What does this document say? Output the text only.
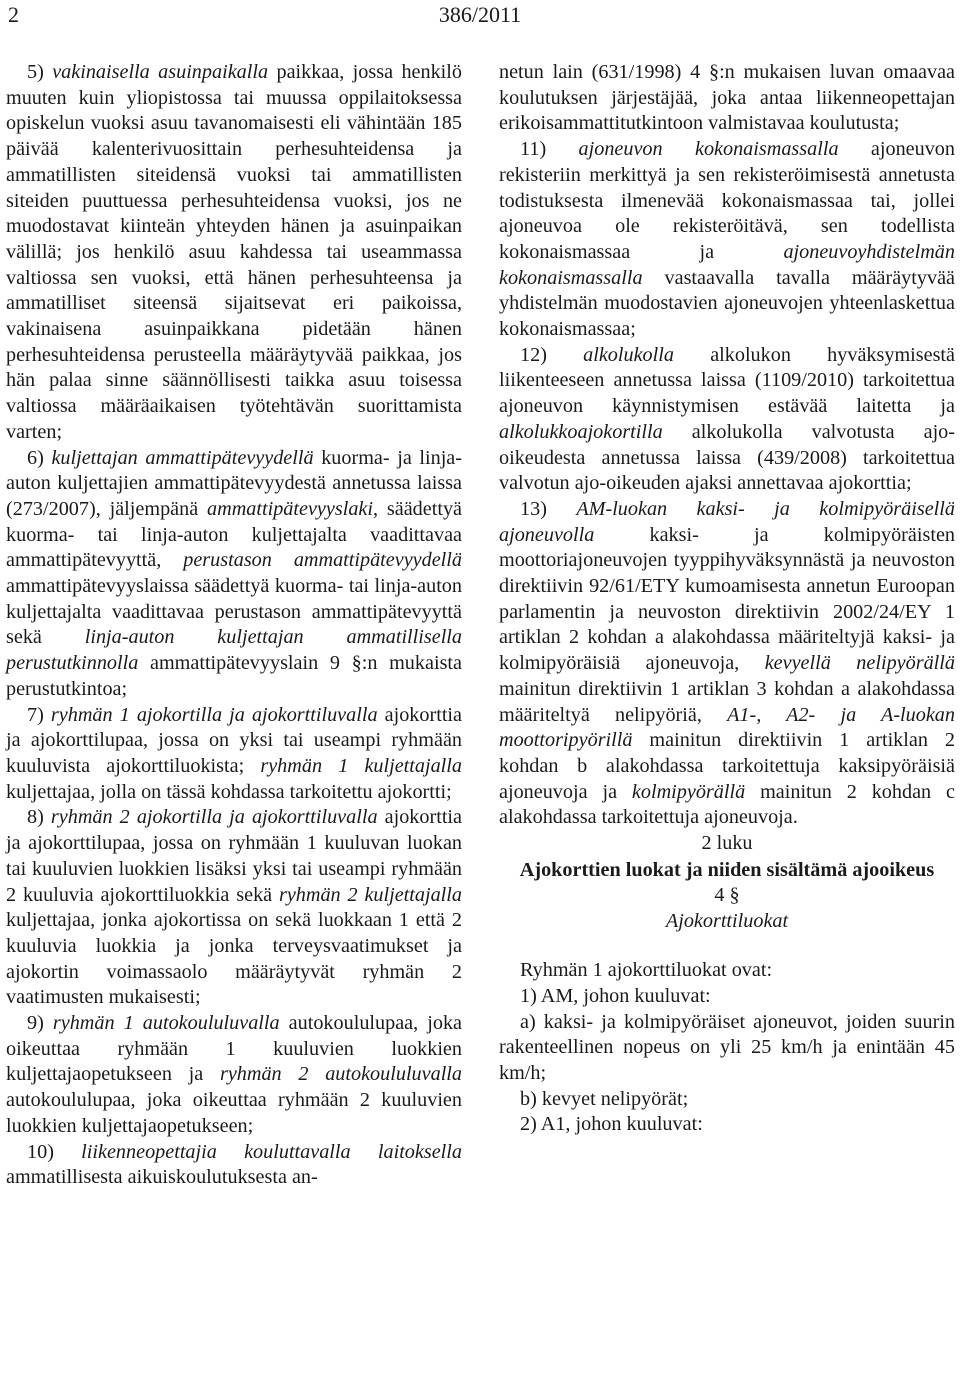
2	386/2011

5) vakinaisella asuinpaikalla paikkaa, jossa henkilö muuten kuin yliopistossa tai muussa oppilaitoksessa opiskelun vuoksi asuu tavanomaisesti eli vähintään 185 päivää kalenterivuosittain perhesuhteidensa ja ammatillisten siteidensä vuoksi tai ammatillisten siteiden puuttuessa perhesuhteidensa vuoksi, jos ne muodostavat kiinteän yhteyden hänen ja asuinpaikan välillä; jos henkilö asuu kahdessa tai useammassa valtiossa sen vuoksi, että hänen perhesuhteensa ja ammatilliset siteensä sijaitsevat eri paikoissa, vakinaisena asuinpaikkana pidetään hänen perhesuhteidensa perusteella määräytyvää paikkaa, jos hän palaa sinne säännöllisesti taikka asuu toisessa valtiossa määräaikaisen työtehtävän suorittamista varten;

6) kuljettajan ammattipätevyydellä kuorma- ja linja-auton kuljettajien ammattipätevyydestä annetussa laissa (273/2007), jäljempänä ammattipätevyyslaki, säädettyä kuorma- tai linja-auton kuljettajalta vaadittavaa ammattipätevyyttä, perustason ammattipätevyydellä ammattipätevyyslaissa säädettyä kuorma- tai linja-auton kuljettajalta vaadittavaa perustason ammattipätevyyttä sekä linja-auton kuljettajan ammatillisella perustutkinnolla ammattipätevyyslain 9 §:n mukaista perustutkintoa;

7) ryhmän 1 ajokortilla ja ajokorttiluvalla ajokorttia ja ajokorttilupaa, jossa on yksi tai useampi ryhmään kuuluvista ajokorttiluokista; ryhmän 1 kuljettajalla kuljettajaa, jolla on tässä kohdassa tarkoitettu ajokortti;

8) ryhmän 2 ajokortilla ja ajokorttiluvalla ajokorttia ja ajokorttilupaa, jossa on ryhmään 1 kuuluvan luokan tai kuuluvien luokkien lisäksi yksi tai useampi ryhmään 2 kuuluvia ajokorttiluokkia sekä ryhmän 2 kuljettajalla kuljettajaa, jonka ajokortissa on sekä luokkaan 1 että 2 kuuluvia luokkia ja jonka terveysvaatimukset ja ajokortin voimassaolo määräytyvät ryhmän 2 vaatimusten mukaisesti;

9) ryhmän 1 autokoululuvalla autokoululupaa, joka oikeuttaa ryhmään 1 kuuluvien luokkien kuljettajaopetukseen ja ryhmän 2 autokoululuvalla autokoululupaa, joka oikeuttaa ryhmään 2 kuuluvien luokkien kuljettajaopetukseen;

10) liikenneopettajia kouluttavalla laitoksella ammatillisesta aikuiskoulutuksesta an-

netun lain (631/1998) 4 §:n mukaisen luvan omaavaa koulutuksen järjestäjää, joka antaa liikenneopettajan erikoisammattitutkintoon valmistavaa koulutusta;

11) ajoneuvon kokonaismassalla ajoneuvon rekisteriin merkittyä ja sen rekisteröimisestä annetusta todistuksesta ilmenevää kokonaismassaa tai, jollei ajoneuvoa ole rekisteröitävä, sen todellista kokonaismassaa ja ajoneuvoyhdistelmän kokonaismassalla vastaavalla tavalla määräytyvää yhdistelmän muodostavien ajoneuvojen yhteenlaskettua kokonaismassaa;

12) alkolukolla alkolukon hyväksymisestä liikenteeseen annetussa laissa (1109/2010) tarkoitettua ajoneuvon käynnistymisen estävää laitetta ja alkolukkoajokortilla alkolukolla valvotusta ajo-oikeudesta annetussa laissa (439/2008) tarkoitettua valvotun ajo-oikeuden ajaksi annettavaa ajokorttia;

13) AM-luokan kaksi- ja kolmipyöräisellä ajoneuvolla kaksi- ja kolmipyöräisten moottoriajoneuvojen tyyppihyväksynnästä ja neuvoston direktiivin 92/61/ETY kumoamisesta annetun Euroopan parlamentin ja neuvoston direktiivin 2002/24/EY 1 artiklan 2 kohdan a alakohdassa määriteltyjä kaksi- ja kolmipyöräisiä ajoneuvoja, kevyellä nelipyörällä mainitun direktiivin 1 artiklan 3 kohdan a alakohdassa määriteltyä nelipyöriä, A1-, A2- ja A-luokan moottoripyörillä mainitun direktiivin 1 artiklan 2 kohdan b alakohdassa tarkoitettuja kaksipyöräisiä ajoneuvoja ja kolmipyörällä mainitun 2 kohdan c alakohdassa tarkoitettuja ajoneuvoja.

2 luku

Ajokorttien luokat ja niiden sisältämä ajooikeus

4 §

Ajokorttiluokat

Ryhmän 1 ajokorttiluokat ovat:

1) AM, johon kuuluvat:

a) kaksi- ja kolmipyöräiset ajoneuvot, joiden suurin rakenteellinen nopeus on yli 25 km/h ja enintään 45 km/h;

b) kevyet nelipyörät;

2) A1, johon kuuluvat:
